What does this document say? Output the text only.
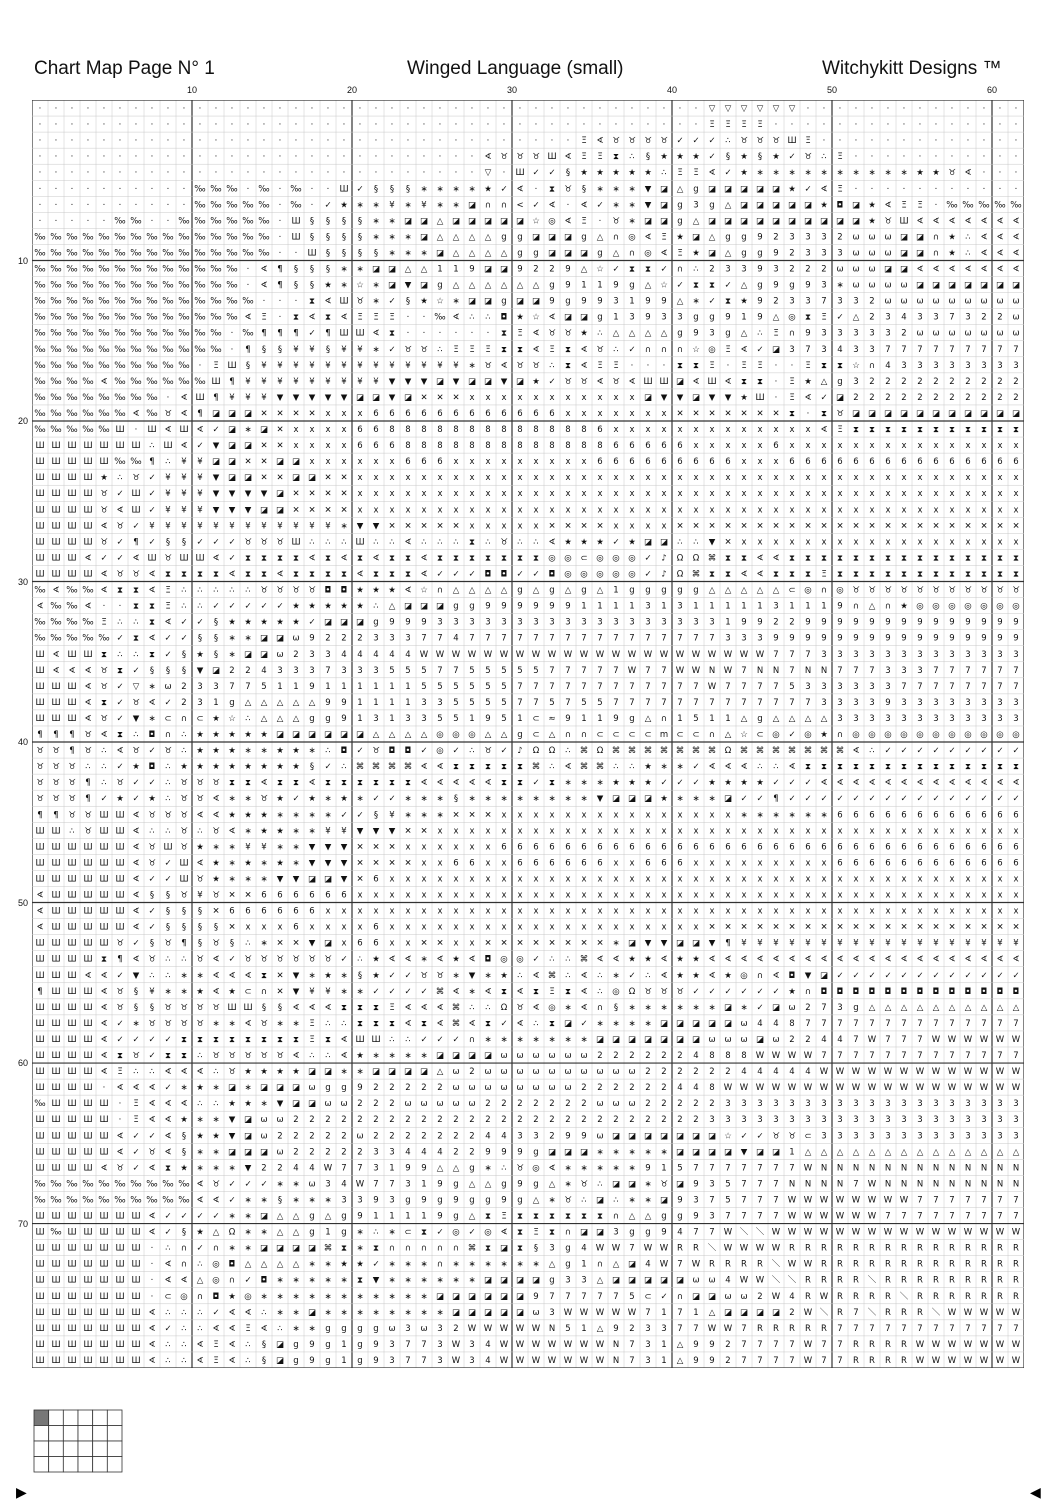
Chart Map Page N° 1	Winged Language (small)	Witchykitt Designs ™
10	20	30	40	50	60
10
20
30
40
50
60
70
· · · · · · · · · · · · · · · · · · · · · · · · · · · · · · · · · · · · · · · · · · ▽ ▽ ▽ ▽ ▽ ▽ · · · · · · · · · · · · · ·
· · · · · · · · · · · · · · · · · · · · · · · · · · · · · · · · · · · · · · · · · · Ξ Ξ Ξ Ξ · · · · · · · · · · · · · · · ·
· · · · · · · · · · · · · · · · · · · · · · · · · · · · · · · · · · Ξ ∢ ♉ ♉ ♉ ♉ ✓ ✓ ✓ ∴ ♉ ♉ ♉ Ш Ξ · · · · · · · · · · · · ·
· · · · · · · · · · · · · · · · · · · · · · · · · · · · ∢ ♉ ♉ ♉ Ш ∢ Ξ Ξ ⧗ ∴ § ★ ★ ★ ✓ § ★ § ★ ✓ ♉ ∴ Ξ · · · · · · · · · · ·
· · · · · · · · · · · · · · · · · · · · · · · · · · · · ▽ · Ш ✓ ✓ § ★ ★ ★ ★ ★ ∴ Ξ Ξ ∢ ✓ ★ ∗ ∗ ∗ ∗ ∗ ∗ ∗ ∗ ∗ ∗ ★ ★ ♉ ∢ · · ·
· · · · · · · · · · ‰ ‰ ‰ · ‰ · ‰ · · Ш ✓ § § § ∗ ∗ ∗ ∗ ★ ✓ ∢ · ⧗ ♉ § ∗ ∗ ∗ ▼ ◪ △ g ◪ ◪ ◪ ◪ ◪ ★ ✓ ∢ Ξ · · · · · · · · · · ·
· · · · · · · · · · ‰ ‰ ‰ ‰ ‰ · ‰ · ✓ ★ ∗ ∗ ¥ ∗ ¥ ∗ ∗ ◪ ∩ ∩ < ✓ ∢ · ∢ ✓ ∗ ∗ ▼ ◪ g 3 g △ ◪ ◪ ◪ ◪ ◪ ★ ◘ ◪ ★ ∢ Ξ Ξ · ‰ ‰ ‰ ‰ ‰
· · · · · ‰ ‰ · · ‰ ‰ ‰ ‰ ‰ ‰ · Ш § § § § ∗ ∗ ◪ ◪ △ ◪ ◪ ◪ ◪ ◪ ☆ ◎ ∢ Ξ · ♉ ∗ ◪ ◪ g △ ◪ ◪ ◪ ◪ ◪ ◪ ◪ ◪ ◪ ◪ ★ ♉ Ш ∢ ∢ ∢ ∢ ∢ ∢ ∢
‰ ‰ ‰ ‰ ‰ ‰ ‰ ‰ ‰ ‰ ‰ ‰ ‰ ‰ ‰ · Ш § § § § ∗ ∗ ∗ ◪ △ △ △ △ g g ◪ ◪ ◪ g △ ∩ ◎ ∢ Ξ ★ ◪ △ g g 9 2 3 3 3 2 ω ω ω ◪ ◪ ∩ ★ ∴ ∢ ∢ ∢
‰ ‰ ‰ ‰ ‰ ‰ ‰ ‰ ‰ ‰ ‰ ‰ ‰ ‰ ‰ · · Ш § § § § ∗ ∗ ∗ ◪ △ △ △ △ g g ◪ ◪ ◪ g △ ∩ ◎ ∢ Ξ ★ ◪ △ g g 9 2 3 3 3 ω ω ω ◪ ◪ ∩ ★ ∴ ∢ ∢ ∢
‰ ‰ ‰ ‰ ‰ ‰ ‰ ‰ ‰ ‰ ‰ ‰ ‰ · ∢ ¶ § § § ∗ ∗ ◪ ◪ △ △ 1 1 9 ◪ ◪ 9 2 2 9 △ ☆ ✓ ⧗ ⧗ ✓ ∩ ∴ 2 3 3 9 3 2 2 2 ω ω ω ◪ ◪ ∢ ∢ ∢ ∢ ∢ ∢ ∢
‰ ‰ ‰ ‰ ‰ ‰ ‰ ‰ ‰ ‰ ‰ ‰ ‰ · ∢ ¶ § § ★ ∗ ☆ ∗ ◪ ▼ ◪ g △ △ △ △ △ △ g 9 1 1 9 g △ ☆ ✓ ⧗ ⧗ ✓ △ g 9 g 9 3 ∗ ω ω ω ω ◪ ◪ ◪ ◪ ◪ ◪ ◪
‰ ‰ ‰ ‰ ‰ ‰ ‰ ‰ ‰ ‰ ‰ ‰ ‰ ‰ · · · ⧗ ∢ Ш ♉ ∗ ✓ § ★ ☆ ∗ ◪ ◪ g ◪ ◪ 9 g 9 9 3 1 9 9 △ ∗ ✓ ⧗ ★ 9 2 3 3 7 3 3 2 ω ω ω ω ω ω ω ω ω
‰ ‰ ‰ ‰ ‰ ‰ ‰ ‰ ‰ ‰ ‰ ‰ ‰ ∢ Ξ · ⧗ ∢ ⧗ ∢ Ξ Ξ Ξ · · ‰ ∢ ∴ ∴ ◘ ★ ☆ ∢ ◪ ◪ g 1 3 9 3 3 g g 9 1 9 △ ◎ ⧗ Ξ ✓ △ 2 3 4 3 3 7 3 2 2 ω
‰ ‰ ‰ ‰ ‰ ‰ ‰ ‰ ‰ ‰ ‰ ‰ · ‰ ¶ ¶ ¶ ✓ ¶ Ш Ш ∢ ⧗ · · · · · · ⧗ Ξ ∢ ♉ ♉ ★ ∴ △ △ △ △ g 9 3 g △ ∴ Ξ ∩ 9 3 3 3 3 3 2 ω ω ω ω ω ω ω
‰ ‰ ‰ ‰ ‰ ‰ ‰ ‰ ‰ ‰ ‰ ‰ · ¶ § § ¥ ¥ § ¥ ¥ ∗ ✓ ♉ ♉ ∴ Ξ Ξ Ξ ⧗ ⧗ ∢ Ξ ⧗ ∢ ♉ ∴ ✓ ∩ ∩ ∩ ☆ ◎ Ξ ∢ ✓ ◪ 3 7 3 4 3 3 7 7 7 7 7 7 7 7 7
‰ ‰ ‰ ‰ ‰ ‰ ‰ ‰ ‰ ‰ · Ξ Ш § ¥ ¥ ¥ ¥ ¥ ¥ ¥ ¥ ¥ ¥ ¥ ¥ ¥ ∗ ♉ ∢ ♉ ♉ ∴ ⧗ ∢ Ξ Ξ · · · ⧗ ⧗ Ξ · Ξ Ξ · · Ξ ⧗ ⧗ ☆ ∩ 4 3 3 3 3 3 3 3 3
‰ ‰ ‰ ‰ ∢ ‰ ‰ ‰ ‰ ‰ ‰ Ш ¶ ¥ ¥ ¥ ¥ ¥ ¥ ¥ ¥ ¥ ▼ ▼ ▼ ◪ ▼ ◪ ◪ ▼ ◪ ★ ✓ ♉ ♉ ∢ ♉ ∢ Ш Ш ◪ ∢ Ш ∢ ⧗ ⧗ · Ξ ★ △ g 3 2 2 2 2 2 2 2 2 2 2
‰ ‰ ‰ ‰ ‰ ‰ ‰ ‰ · ∢ Ш ¶ ¥ ¥ ¥ ▼ ▼ ▼ ▼ ▼ ◪ ◪ ▼ ◪ ✕ ✕ ✕ x x x x x x x x x x x ◪ ▼ ▼ ◪ ▼ ▼ ★ Ш · Ξ ∢ ✓ ◪ 2 2 2 2 2 2 2 2 2 2 2
‰ ‰ ‰ ‰ ‰ ‰ ∢ ‰ ♉ ∢ ¶ ◪ ◪ ◪ ✕ ✕ ✕ ✕ x x x 6 6 6 6 6 6 6 6 6 6 6 6 x x x x x x x ✕ ✕ ✕ ✕ ✕ ✕ ✕ ⧗ · ⧗ ♉ ◪ ◪ ◪ ◪ ◪ ◪ ◪ ◪ ◪ ◪ ◪
‰ ‰ ‰ ‰ ‰ Ш · Ш ∢ Ш ∢ ✓ ◪ ∗ ◪ ✕ x x x x 6 6 8 8 8 8 8 8 8 8 8 8 8 8 8 6 x x x x x x x x x x x x x ∢ Ξ ⧗ ⧗ ⧗ ⧗ ⧗ ⧗ ⧗ ⧗ ⧗ ⧗ ⧗
Ш Ш Ш Ш Ш Ш Ш ∴ Ш ∢ ✓ ▼ ◪ ◪ ✕ ✕ x x x x 6 6 6 8 8 8 8 8 8 8 8 8 8 8 8 8 6 6 6 6 6 x x x x x 6 x x x x x x x x x x x x x x x
Ш Ш Ш Ш Ш ‰ ‰ ¶ ∴ ¥ ¥ ◪ ◪ ✕ ✕ ◪ ◪ x x x x x x 6 6 6 x x x x x x x x x 6 6 6 6 6 6 6 6 6 x x x 6 6 6 6 6 6 6 6 6 6 6 6 6 6 6
Ш Ш Ш Ш ★ ∴ ♉ ✓ ¥ ¥ ¥ ▼ ◪ ◪ ✕ ✕ ◪ ◪ ✕ ✕ x x x x x x x x x x x x x x x x x x x x x x x x x x x x x x x x x x x x x x x x x x
Ш Ш Ш Ш ♉ ✓ Ш ✓ ¥ ¥ ¥ ▼ ▼ ▼ ▼ ◪ ✕ ✕ ✕ ✕ x x x x x x x x x x x x x x x x x x x x x x x x x x x x x x x x x x x x x x x x x x
Ш Ш Ш Ш ♉ ∢ Ш ✓ ¥ ¥ ¥ ▼ ▼ ▼ ◪ ◪ ✕ ✕ ✕ ✕ x x x x x x x x x x x x x x x x x x x x x x x x x x x x x x x x x x x x x x x x x x
Ш Ш Ш Ш ∢ ♉ ✓ ¥ ¥ ¥ ¥ ¥ ¥ ¥ ¥ ¥ ¥ ¥ ¥ ∗ ▼ ▼ ✕ ✕ ✕ ✕ ✕ x x x x x ✕ ✕ ✕ ✕ x x x x ✕ ✕ ✕ ✕ ✕ ✕ ✕ ✕ ✕ ✕ ✕ ✕ ✕ ✕ ✕ ✕ ✕ ✕ ✕ ✕ ✕ ✕
Ш Ш Ш Ш ♉ ✓ ¶ ✓ § § ✓ ✓ ✓ ♉ ♉ ♉ Ш ∴ ∴ ∴ Ш ∴ ∴ ∢ ∴ ∴ ∴ ⧗ ∴ ♉ ∴ ∴ ∢ ★ ★ ★ ✓ ★ ◪ ◪ ∴ ∴ ▼ ✕ x x x x x x x x x x x x x x x x x x
Ш Ш Ш ∢ ✓ ✓ ∢ Ш ♉ Ш Ш ∢ ✓ ⧗ ⧗ ⧗ ⧗ ∢ ⧗ ∢ ⧗ ∢ ⧗ ⧗ ∢ ⧗ ⧗ ⧗ ⧗ ⧗ ⧗ ⧗ ◎ ◎ ⊂ ◎ ◎ ◎ ✓ ♪ Ω Ω ⌘ ⧗ ⧗ ∢ ∢ ⧗ ⧗ ⧗ ⧗ ⧗ ⧗ ⧗ ⧗ ⧗ ⧗ ⧗ ⧗ ⧗ ⧗ ⧗
Ш Ш Ш Ш ∢ ♉ ♉ ∢ ⧗ ⧗ ⧗ ⧗ ∢ ⧗ ⧗ ∢ ⧗ ⧗ ⧗ ⧗ ∢ ⧗ ⧗ ⧗ ∢ ✓ ✓ ✓ ◘ ◘ ✓ ✓ ◘ ◎ ◎ ◎ ◎ ◎ ✓ ♪ Ω ⌘ ⧗ ⧗ ∢ ∢ ⧗ ⧗ ⧗ Ξ ⧗ ⧗ ⧗ ⧗ ⧗ ⧗ ⧗ ⧗ ⧗ ⧗ ⧗ ⧗
‰ ∢ ‰ ‰ ∢ ⧗ ⧗ ∢ Ξ ∴ ∴ ∴ ∴ ∴ ♉ ♉ ♉ ♉ ◘ ◘ ★ ★ ★ ∢ ☆ ∩ △ △ △ △ g △ g △ g △ 1 g g g g g △ △ △ △ △ ⊂ ◎ ∩ ◎ ♉ ♉ ♉ ♉ ♉ ♉ ♉ ♉ ♉ ♉ ♉
∢ ‰ ‰ ∢ · · ⧗ ⧗ Ξ ∴ ∴ ✓ ✓ ✓ ✓ ✓ ★ ★ ★ ★ ★ ∴ △ ◪ ◪ ◪ g g 9 9 9 9 9 9 1 1 1 1 3 1 3 1 1 1 1 1 3 1 1 1 9 ∩ △ ∩ ★ ◎ ◎ ◎ ◎ ◎ ◎ ◎
‰ ‰ ‰ ‰ Ξ ∴ ∴ ⧗ ∢ ✓ ✓ § ★ ★ ★ ★ ★ ✓ ◪ ◪ ◪ g 9 9 9 3 3 3 3 3 3 3 3 3 3 3 3 3 3 3 3 3 3 1 9 9 2 2 9 9 9 9 9 9 9 9 9 9 9 9 9 9
‰ ‰ ‰ ‰ ‰ ✓ ⧗ ∢ ✓ ✓ § § ∗ ∗ ◪ ◪ ω 9 2 2 2 3 3 3 7 7 4 7 7 7 7 7 7 7 7 7 7 7 7 7 7 7 7 3 3 3 9 9 9 9 9 9 9 9 9 9 9 9 9 9 9 9
Ш ∢ Ш Ш ⧗ ∴ ∴ ⧗ ✓ § ★ § ∗ ◪ ◪ ω 2 3 3 4 4 4 4 4 W W W W W W W W W W W W W W W W W W W W W W 7 7 7 3 3 3 3 3 3 3 3 3 3 3 3 3
Ш ∢ ∢ ∢ ♉ ⧗ ✓ § § § ▼ ◪ 2 2 4 3 3 3 7 3 3 3 5 5 5 7 7 5 5 5 5 5 7 7 7 7 7 W 7 7 W W N W 7 N N 7 N N 7 7 7 3 3 3 7 7 7 7 7 7
Ш Ш Ш ∢ ♉ ✓ ▽ ∗ ω 2 3 3 7 7 5 1 1 9 1 1 1 1 1 1 5 5 5 5 5 5 7 7 7 7 7 7 7 7 7 7 7 7 W 7 7 7 7 5 3 3 3 3 3 3 7 7 7 7 7 7 7 7
Ш Ш Ш ∢ ⧗ ✓ ♉ ∢ ✓ 2 3 1 g △ △ △ △ △ 9 9 1 1 1 1 3 3 5 5 5 5 7 7 5 7 5 5 7 7 7 7 7 7 7 7 7 7 7 7 7 3 3 3 3 9 3 3 3 3 3 3 3 3
Ш Ш Ш ∢ ♉ ✓ ▼ ∗ ⊂ ∩ ⊂ ★ ☆ ∴ △ △ △ g g 9 1 3 1 3 3 5 5 1 9 5 1 ⊂ ≈ 9 1 1 9 g △ ∩ 1 5 1 1 △ g △ △ △ △ 3 3 3 3 3 3 3 3 3 3 3 3
¶ ¶ ¶ ♉ ∢ ⧗ ∴ ◘ ∩ ∴ ★ ★ ★ ★ ★ ◪ ◪ ◪ ◪ ◪ ◪ △ △ △ △ ◎ ◎ ◎ △ △ g ⊂ △ ∩ ∩ ⊂ ⊂ ⊂ ⊂ ⅿ ⊂ ⊂ ∩ △ ☆ ⊂ ◎ ✓ ◎ ★ ∩ ◎ ◎ ◎ ◎ ◎ ◎ ◎ ◎ ◎ ◎ ◎
♉ ♉ ¶ ♉ ∴ ∢ ♉ ✓ ♉ ∴ ★ ★ ★ ∗ ∗ ★ ★ ∗ ∴ ◘ ✓ ♉ ◘ ◘ ✓ ◎ ✓ ∴ ♉ ✓ ♪ Ω Ω ∴ ⌘ Ω ⌘ ⌘ ⌘ ⌘ ⌘ ⌘ ⌘ Ω ⌘ ⌘ ⌘ ⌘ ⌘ ⌘ ⌘ ∢ ∴ ✓ ✓ ✓ ✓ ✓ ✓ ✓ ✓ ✓
♉ ♉ ♉ ∴ ∴ ✓ ★ ◘ ∴ ★ ★ ★ ★ ★ ★ ★ ★ § ✓ ∴ ⌘ ⌘ ⌘ ⌘ ∢ ∢ ⧗ ⧗ ⧗ ⧗ ⧗ ⌘ ∴ ∢ ⌘ ⌘ ∴ ∴ ★ ∗ ∗ ✓ ∢ ∢ ∢ ∴ ∴ ∢ ⧗ ⧗ ⧗ ⧗ ⧗ ⧗ ⧗ ⧗ ⧗ ⧗ ⧗ ⧗ ⧗ ⧗
♉ ♉ ♉ ¶ ∴ ♉ ✓ ✓ ∴ ♉ ♉ ♉ ⧗ ⧗ ∢ ⧗ ⧗ ∢ ⧗ ⧗ ⧗ ⧗ ⧗ ⧗ ∢ ∢ ∢ ∢ ∢ ⧗ ⧗ ✓ ⧗ ∗ ∗ ∗ ★ ★ ★ ✓ ✓ ✓ ★ ★ ★ ★ ✓ ✓ ✓ ∢ ∢ ∢ ∢ ∢ ∢ ∢ ∢ ∢ ∢ ∢ ∢ ∢
♉ ♉ ♉ ¶ ✓ ★ ✓ ★ ∴ ♉ ♉ ∢ ∗ ∗ ♉ ★ ✓ ★ ∗ ★ ∗ ✓ ✓ ∗ ∗ ∗ § ∗ ∗ ∗ ∗ ∗ ∗ ∗ ∗ ▼ ◪ ◪ ◪ ★ ∗ ∗ ∗ ◪ ✓ ✓ ¶ ✓ ✓ ✓ ✓ ✓ ✓ ✓ ✓ ✓ ✓ ✓ ✓ ✓ ✓ ✓
¶ ¶ ♉ ♉ Ш Ш ∢ ♉ ♉ ♉ ∢ ∢ ★ ★ ★ ∗ ∗ ∗ ∗ ✓ ✓ § ¥ ∗ ∗ ∗ ✕ ✕ ✕ x x x x x x x x x x x x x x x ∗ ∗ ∗ ∗ ∗ ∗ 6 6 6 6 6 6 6 6 6 6 6 6
Ш Ш ∴ ♉ Ш Ш ∢ ∴ ∴ ♉ ∴ ♉ ∢ ∗ ★ ★ ∗ ∗ ¥ ¥ ▼ ▼ ▼ ✕ ✕ x x x x x x x x x x x x x x x x x x x x x x x x x x x x x x x x x x x x x
Ш Ш Ш Ш Ш Ш ∢ ♉ Ш ♉ ★ ∗ ∗ ¥ ¥ ∗ ∗ ▼ ▼ ▼ ✕ ✕ ✕ x x x x x x 6 6 6 6 6 6 6 6 6 6 6 6 6 6 6 6 6 6 6 6 6 6 6 6 6 6 6 6 6 6 6 6 6
Ш Ш Ш Ш Ш Ш ∢ ♉ ✓ Ш ∢ ★ ∗ ★ ∗ ★ ∗ ▼ ▼ ▼ ✕ ✕ ✕ ✕ x x 6 6 x x 6 6 6 6 6 6 x x 6 6 6 x x x x x x x x x 6 6 6 6 6 6 6 6 6 6 6 6
Ш Ш Ш Ш Ш Ш ∢ ✓ ✓ Ш ♉ ★ ∗ ∗ ∗ ▼ ▼ ◪ ◪ ▼ ✕ 6 x x x x x x x x x x x x x x x x x x x x x x x x x x x x x x x x x x x x x x x x
∢ Ш Ш Ш Ш Ш ∢ § § ♉ ¥ ♉ ✕ ✕ 6 6 6 6 6 6 x x x x x x x x x x x x x x x x x x x x x x x x x x x x x x x x x x x x x x x x x x
∢ Ш Ш Ш Ш Ш ∢ ✓ § § § ✕ 6 6 6 6 6 6 x x x x x x x x x x x x x x x x x x x x x x x x x x x x x x x x x x x x x x x x x x x x
∢ Ш Ш Ш Ш Ш ∢ ✓ § § § § ✕ x x x 6 x x x x 6 x x x x x x x x x x x x x x x x x x x x ✕ ✕ ✕ ✕ ✕ ✕ ✕ ✕ ✕ ✕ ✕ ✕ ✕ ✕ ✕ ✕ ✕ ✕ ✕ ✕
Ш Ш Ш Ш Ш ♉ ✓ § ♉ ¶ § ♉ § ∴ ∗ ✕ ✕ ▼ ◪ x 6 6 x x ✕ ✕ x x ✕ ✕ ✕ ✕ ✕ ✕ ✕ ✕ ∗ ◪ ▼ ▼ ◪ ◪ ▼ ¶ ¥ ¥ ¥ ¥ ¥ ¥ ¥ ¥ ¥ ¥ ¥ ¥ ¥ ¥ ¥ ¥ ¥ ¥
Ш Ш Ш Ш ⧗ ¶ ∢ ♉ ∴ ∴ ♉ ∢ ✓ ♉ ♉ ♉ ♉ ♉ ♉ ✓ ∴ ★ ∢ ∢ ∗ ∢ ★ ∢ ◘ ◎ ◎ ✓ ∴ ∴ ⌘ ∢ ∢ ★ ★ ∢ ★ ★ ∢ ∢ ∢ ∢ ∢ ∢ ∢ ∢ ∢ ∢ ∢ ∢ ∢ ∢ ∢ ∢ ∢ ∢ ∢ ∢
Ш Ш Ш ∢ ∢ ✓ ▼ ∴ ∴ ∗ ∗ ∢ ∢ ∢ ⧗ ✕ ▼ ∗ ★ ∗ § ★ ✓ ✓ ♉ ♉ ∗ ▼ ∗ ★ ∴ ∢ ⌘ ∴ ∢ ∴ ∗ ✓ ∴ ∢ ★ ★ ∢ ★ ◎ ∩ ∢ ◘ ▼ ◪ ✓ ✓ ✓ ✓ ✓ ✓ ✓ ✓ ✓ ✓ ✓ ✓
¶ Ш Ш Ш ∢ ♉ § ¥ ∗ ∗ ★ ∢ ★ ⊂ ∩ ✕ ▼ ¥ ¥ ∗ ∗ ✓ ✓ ✓ ✓ ⌘ ∢ ∗ ∢ ⧗ ∢ ⧗ Ξ ⧗ ∢ ∴ ◎ Ω ♉ ♉ ♉ ✓ ✓ ✓ ✓ ✓ ✓ ★ ∩ ◘ ◘ ◘ ◘ ◘ ◘ ◘ ◘ ◘ ◘ ◘ ◘ ◘
Ш Ш Ш Ш ∢ ♉ § § ♉ ♉ ♉ ♉ Ш Ш § § ∢ ∢ ∢ ⧗ ⧗ ⧗ Ξ ∢ ∢ ∢ ⌘ ∴ ∴ Ω ♉ ∢ ◎ ∗ ∢ ∩ § ∗ ∗ ∗ ∗ ∗ ∗ ◪ ∗ ✓ ◪ ω 2 7 3 g △ △ △ △ △ △ △ △ △ △
Ш Ш Ш Ш ∢ ✓ ∗ ♉ ♉ ♉ ♉ ∗ ∗ ∢ ♉ ∗ ∗ Ξ ∴ ∴ ⧗ ⧗ ⧗ ∢ ⧗ ∢ ⌘ ∢ ⧗ ✓ ∢ ∴ ⧗ ◪ ✓ ∗ ∗ ∗ ∗ ◪ ◪ ◪ ◪ ◪ ω 4 4 8 7 7 7 7 7 7 7 7 7 7 7 7 7 7
Ш Ш Ш Ш ∢ ✓ ✓ ✓ ✓ ⧗ ⧗ ⧗ ⧗ ⧗ ⧗ ⧗ ⧗ Ξ ⧗ ∢ Ш Ш ∴ ∴ ✓ ✓ ✓ ∩ ∗ ∗ ∗ ∗ ∗ ∗ ∗ ◪ ◪ ◪ ◪ ◪ ◪ ◪ ω ω ω ◪ ω 2 2 4 4 7 W 7 7 7 W W W W W W
Ш Ш Ш Ш ∢ ⧗ ♉ ✓ ⧗ ⧗ ∴ ♉ ♉ ♉ ♉ ♉ ∢ ∴ ∴ ∢ ★ ∗ ∗ ∗ ∗ ◪ ◪ ◪ ◪ ω ω ω ω ω ω 2 2 2 2 2 2 4 8 8 8 W W W W 7 7 7 7 7 7 7 7 7 7 7 7 7
Ш Ш Ш Ш ∢ Ξ ∴ ∴ ∢ ∢ ∢ ∴ ♉ ★ ★ ★ ★ ◪ ◪ ∗ ∗ ◪ ◪ ◪ ◪ △ ω 2 ω ω ω ω ω ω ω ω ω ω 2 2 2 2 2 2 4 4 4 4 4 W W W W W W W W W W W W W
Ш Ш Ш Ш · ∢ ∢ ∢ ✓ ∗ ★ ∗ ◪ ∗ ◪ ◪ ◪ ω g g 9 2 2 2 2 2 ω ω ω ω ω ω ω ω 2 2 2 2 2 2 4 4 8 W W W W W W W W W W W W W W W W W W W
‰ Ш Ш Ш Ш · Ξ ∢ ∢ ∢ ∴ ∴ ★ ★ ∗ ▼ ◪ ◪ ω ω 2 2 2 ω ω ω ω ω 2 2 2 2 2 2 2 ω ω ω 2 2 2 2 2 3 3 3 3 3 3 3 3 3 3 3 3 3 3 3 3 3 3 3
Ш Ш Ш Ш Ш · Ξ ∢ ∢ ★ ∗ ∗ ▼ ◪ ω ω 2 2 2 2 2 2 2 2 2 2 2 2 2 2 2 2 2 2 2 2 2 2 2 2 2 2 3 3 3 3 3 3 3 3 3 3 3 3 3 3 3 3 3 3 3 3
Ш Ш Ш Ш Ш ∢ ✓ ✓ ∢ § ★ ★ ▼ ◪ ω 2 2 2 2 2 ω 2 2 2 2 2 2 2 4 4 3 3 2 9 9 ω ◪ ◪ ◪ ◪ ◪ ◪ ◪ ☆ ✓ ✓ ♉ ♉ ⊂ 3 3 3 3 3 3 3 3 3 3 3 3 3
Ш Ш Ш Ш Ш ∢ ✓ ♉ ∢ § ∗ ∗ ◪ ◪ ◪ ω 2 2 2 2 2 3 3 4 4 4 2 2 9 9 9 g ◪ ◪ ◪ ∗ ∗ ∗ ∗ ∗ ◪ ◪ ◪ ◪ ▼ ◪ ◪ 1 △ △ △ △ △ △ △ △ △ △ △ △ △ △
Ш Ш Ш Ш ∢ ♉ ✓ ∢ ⧗ ★ ∗ ∗ ∗ ▼ 2 2 4 4 W 7 7 3 1 9 9 △ △ g ∗ ∴ ♉ ◎ ∢ ∗ ∗ ∗ ∗ ∗ 9 1 5 7 7 7 7 7 7 7 W N N N N N N N N N N N N N
‰ ‰ ‰ ‰ ‰ ‰ ‰ ‰ ‰ ‰ ∢ ♉ ✓ ✓ ✓ ∗ ∗ ω 3 4 W 7 7 3 1 9 g △ △ g 9 g △ ∗ ♉ ∴ ◪ ◪ ∗ ♉ ◪ 9 3 5 7 7 7 N N N N 7 W N N N N N N N N N
‰ ‰ ‰ ‰ ‰ ‰ ‰ ‰ ‰ ‰ ∢ ∢ ✓ ∗ ∗ § ∗ ∗ ∗ 3 3 9 3 g 9 g 9 g g 9 g △ ∗ ♉ ∴ ◪ ∴ ∗ ∗ ◪ 9 3 7 5 7 7 7 W W W W W W W W 7 7 7 7 7 7 7
Ш Ш Ш Ш Ш Ш Ш ∢ ✓ ✓ ✓ ✓ ∗ ∗ ◪ △ △ g △ g 9 1 1 1 1 9 g △ ⧗ Ξ ⧗ ⧗ ⧗ ⧗ ⧗ ⧗ ∩ △ △ g g 9 3 7 7 7 7 W W W W W W 7 7 7 7 7 7 7 7 7
Ш ‰ Ш Ш Ш Ш Ш ∢ ✓ § ★ △ Ω ∗ ∗ △ △ g 1 g ∗ ∴ ∗ ⊂ ⧗ ✓ ◎ ✓ ◎ ∢ ⧗ Ξ ⧗ ∩ ◪ ◪ 3 g g 9 4 7 7 W ＼ ＼ W W W W W W W W W W W W W W W W
Ш Ш Ш Ш Ш Ш Ш · ∴ ∩ ✓ ∩ ∗ ∗ ◪ ◪ ◪ ◪ ⌘ ⧗ ∗ ⧗ ∩ ∩ ∩ ∩ ∩ ⌘ ⧗ ◪ ⧗ § 3 g 4 W W 7 W W R R ＼ W W W W R R R R R R R R R R R R R R R
Ш Ш Ш Ш Ш Ш Ш · ∢ ∩ ∴ ◎ ◘ △ △ △ △ ∗ ∗ ★ ★ ✓ ∗ ∗ ∗ ∩ ∗ ∗ ∗ ∗ ∗ ∗ △ g 1 ∩ △ ◪ 4 W 7 W R R R R ＼ W W R R R R R R R R R R R R R
Ш Ш Ш Ш Ш Ш Ш · ∢ ∢ △ ◎ ∩ ✓ ◘ ∗ ∗ ∗ ∗ ∗ ⧗ ▼ ∗ ∗ ∗ ∗ ∗ ∗ ◪ ◪ ◪ ◪ g 3 3 △ ◪ ◪ ◪ ◪ ◪ ω ω 4 W W ＼ ＼ R R R R ＼ R R R R R R R R R
Ш Ш Ш Ш Ш Ш Ш · ⊂ ◎ ∩ ◘ ★ ◎ ∗ ∗ ∗ ∗ ∗ ∗ ∗ ∗ ∗ ∗ ∗ ◪ ◪ ◪ ◪ ◪ ◪ 9 7 7 7 7 7 5 ⊂ ✓ ∩ ◪ ◪ ω ω 2 W 4 R W R R R R ＼ R R R R R R R
Ш Ш Ш Ш Ш Ш Ш ∢ ∴ ∴ ∴ ✓ ∢ ∢ ∴ ∗ ∗ ◪ ∗ ∗ ∗ ∗ ∗ ∗ ∗ ∗ ◪ ◪ ◪ ◪ ◪ ω 3 W W W W W 7 1 7 1 △ ◪ ◪ ◪ ◪ 2 W ＼ R 7 ＼ R R R ＼ W W W W W
Ш Ш Ш Ш Ш Ш Ш ∢ ✓ ∴ ∴ ∢ ∢ Ξ ∢ ∴ ∗ ∗ g g g g ω 3 ω 3 2 W W W W W N 5 1 △ 9 2 3 3 7 7 W W 7 R R R R R 7 7 7 7 7 7 7 7 7 7 7 7
Ш Ш Ш Ш Ш Ш Ш ∢ ∴ ∴ ∢ Ξ ∢ ∴ § ◪ g 9 g 1 g 9 3 7 7 3 W 3 4 W W W W W W W N 7 3 1 △ 9 9 2 7 7 7 7 W 7 7 R R R R W W W W W W W
Ш Ш Ш Ш Ш Ш Ш ∢ ∴ ∴ ∢ Ξ ∢ ∴ § ◪ g 9 g 1 g 9 3 7 7 3 W 3 4 W W W W W W W N 7 3 1 △ 9 9 2 7 7 7 7 W 7 7 R R R R W W W W W W W
▶	◀
